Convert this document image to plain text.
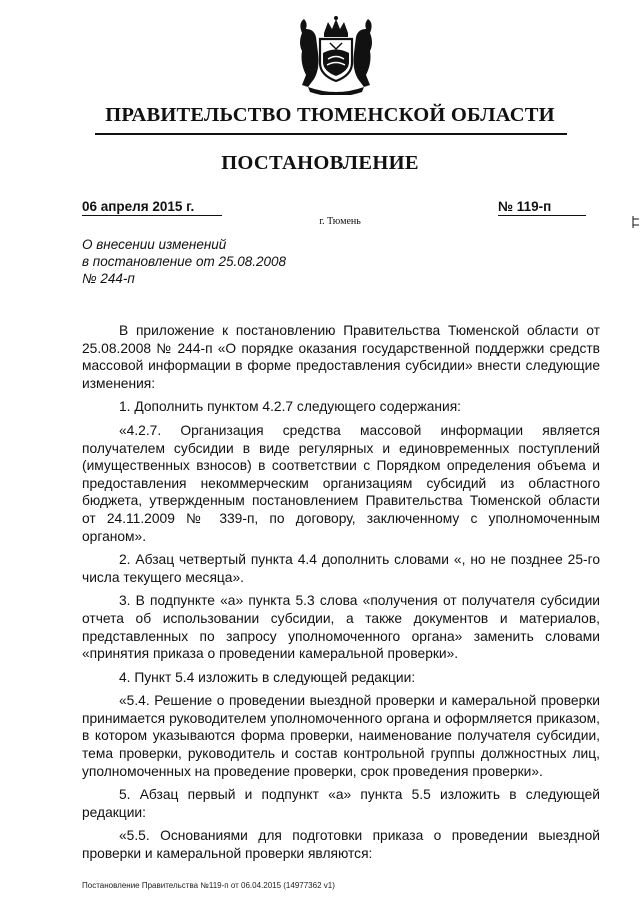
ПРАВИТЕЛЬСТВО ТЮМЕНСКОЙ ОБЛАСТИ
ПОСТАНОВЛЕНИЕ
06 апреля 2015 г.	№ 119-п
г. Тюмень
О внесении изменений
в постановление от 25.08.2008
№ 244-п

В приложение к постановлению Правительства Тюменской области от 25.08.2008 № 244-п «О порядке оказания государственной поддержки средств массовой информации в форме предоставления субсидии» внести следующие изменения:

1. Дополнить пунктом 4.2.7 следующего содержания:

«4.2.7. Организация средства массовой информации является получателем субсидии в виде регулярных и единовременных поступлений (имущественных взносов) в соответствии с Порядком определения объема и предоставления некоммерческим организациям субсидий из областного бюджета, утвержденным постановлением Правительства Тюменской области от 24.11.2009 № 339-п, по договору, заключенному с уполномоченным органом».

2. Абзац четвертый пункта 4.4 дополнить словами «, но не позднее 25-го числа текущего месяца».

3. В подпункте «а» пункта 5.3 слова «получения от получателя субсидии отчета об использовании субсидии, а также документов и материалов, представленных по запросу уполномоченного органа» заменить словами «принятия приказа о проведении камеральной проверки».

4. Пункт 5.4 изложить в следующей редакции:

«5.4. Решение о проведении выездной проверки и камеральной проверки принимается руководителем уполномоченного органа и оформляется приказом, в котором указываются форма проверки, наименование получателя субсидии, тема проверки, руководитель и состав контрольной группы должностных лиц, уполномоченных на проведение проверки, срок проведения проверки».

5. Абзац первый и подпункт «а» пункта 5.5 изложить в следующей редакции:

«5.5. Основаниями для подготовки приказа о проведении выездной проверки и камеральной проверки являются:

Постановление Правительства №119-п от 06.04.2015 (14977362 v1)
